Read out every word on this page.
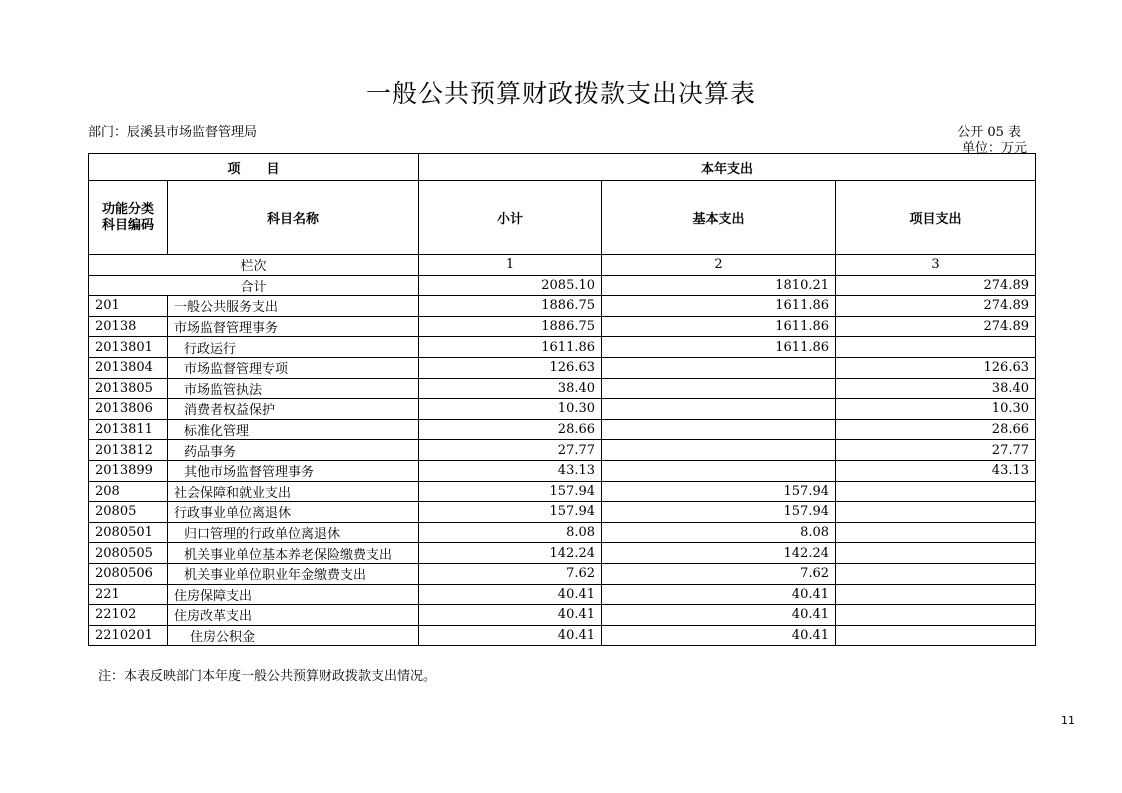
一般公共预算财政拨款支出决算表
部门：辰溪县市场监督管理局	公开 05 表
单位：万元
项　　目		本年支出		
功能分类
科目编码	科目名称	小计	基本支出	项目支出
栏次		1	2	3
合计		2085.10	1810.21	274.89
201	一般公共服务支出	1886.75	1611.86	274.89
20138	市场监督管理事务	1886.75	1611.86	274.89
2013801	行政运行	1611.86	1611.86	
2013804	市场监督管理专项	126.63		126.63
2013805	市场监管执法	38.40		38.40
2013806	消费者权益保护	10.30		10.30
2013811	标准化管理	28.66		28.66
2013812	药品事务	27.77		27.77
2013899	其他市场监督管理事务	43.13		43.13
208	社会保障和就业支出	157.94	157.94	
20805	行政事业单位离退休	157.94	157.94	
2080501	归口管理的行政单位离退休	8.08	8.08	
2080505	机关事业单位基本养老保险缴费支出	142.24	142.24	
2080506	机关事业单位职业年金缴费支出	7.62	7.62	
221	住房保障支出	40.41	40.41	
22102	住房改革支出	40.41	40.41	
2210201	住房公积金	40.41	40.41	
注：本表反映部门本年度一般公共预算财政拨款支出情况。
11
